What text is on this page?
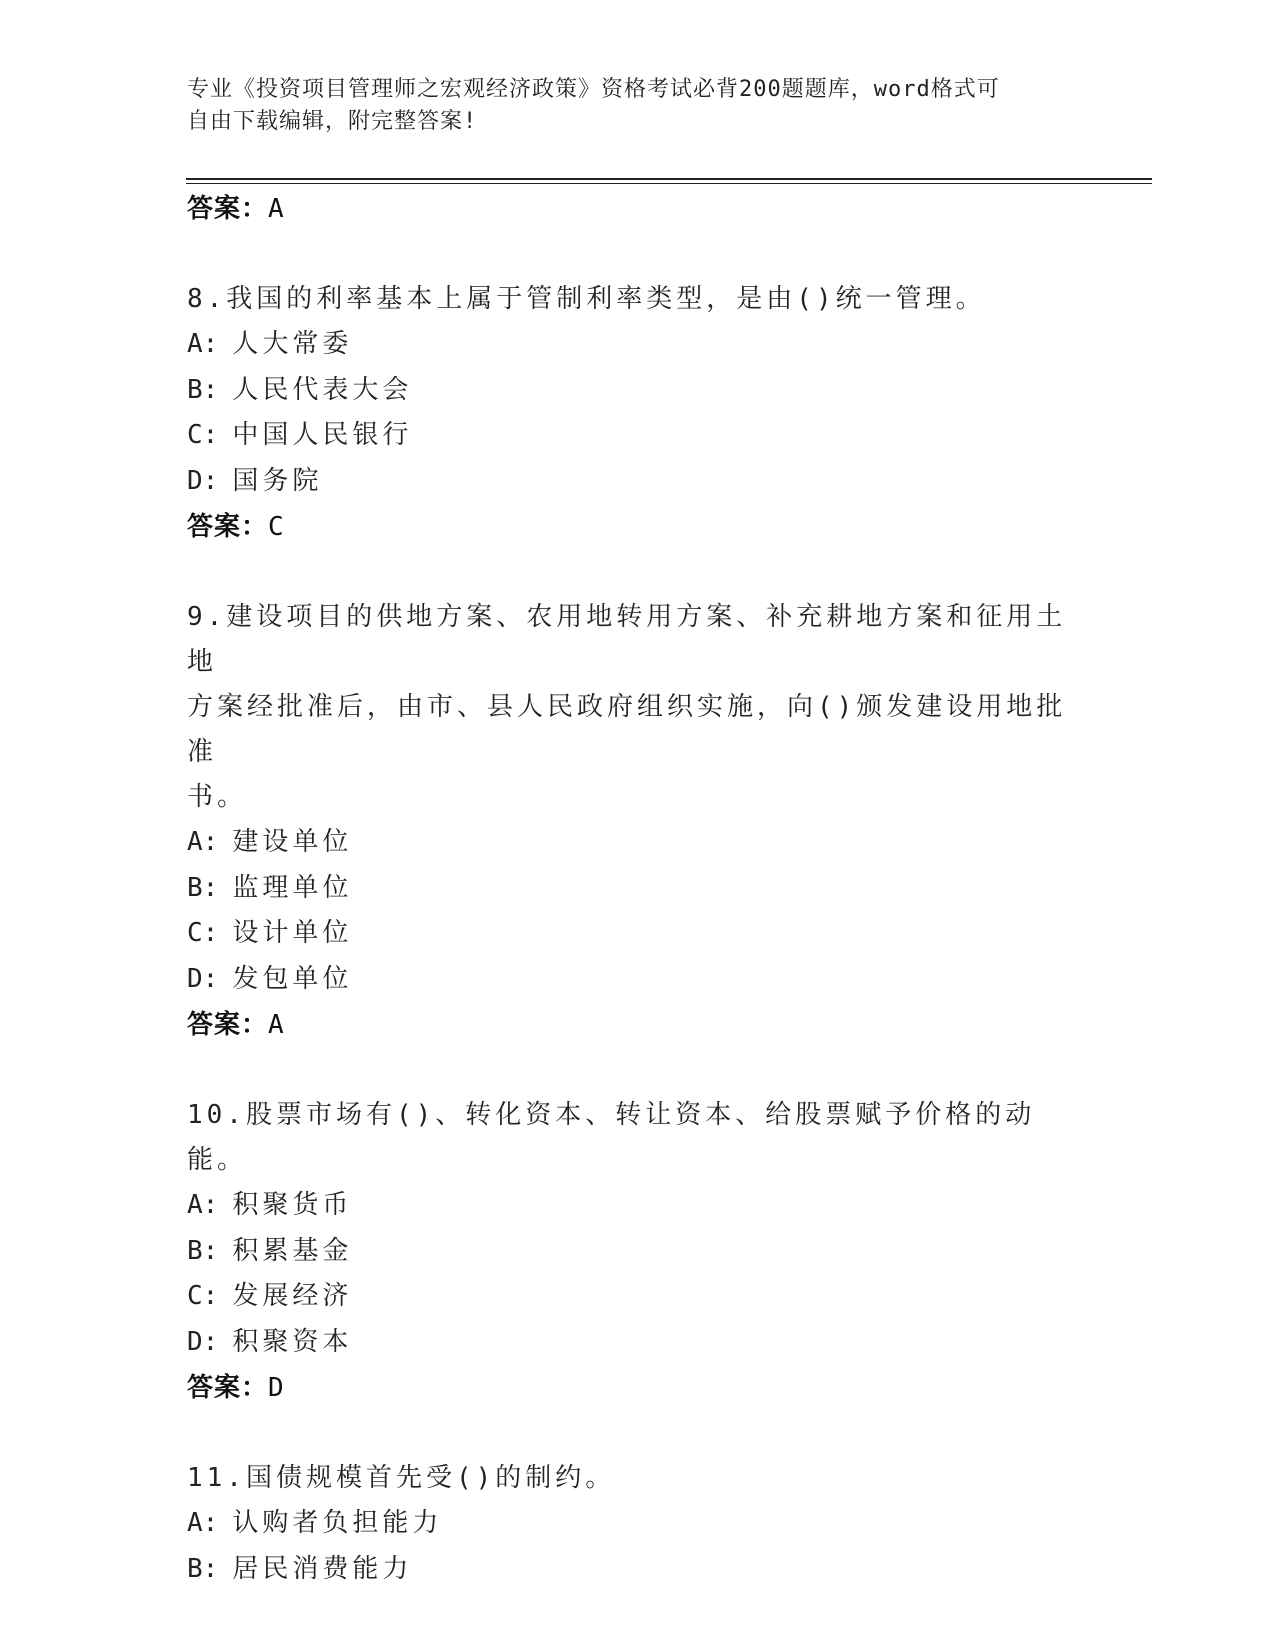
专业《投资项目管理师之宏观经济政策》资格考试必背200题题库，word格式可
自由下载编辑，附完整答案!
答案：A
8.我国的利率基本上属于管制利率类型，是由()统一管理。
A: 人大常委
B: 人民代表大会
C: 中国人民银行
D: 国务院
答案：C
9.建设项目的供地方案、农用地转用方案、补充耕地方案和征用土地
方案经批准后，由市、县人民政府组织实施，向()颁发建设用地批准
书。
A: 建设单位
B: 监理单位
C: 设计单位
D: 发包单位
答案：A
10.股票市场有()、转化资本、转让资本、给股票赋予价格的动能。
A: 积聚货币
B: 积累基金
C: 发展经济
D: 积聚资本
答案：D
11.国债规模首先受()的制约。
A: 认购者负担能力
B: 居民消费能力
